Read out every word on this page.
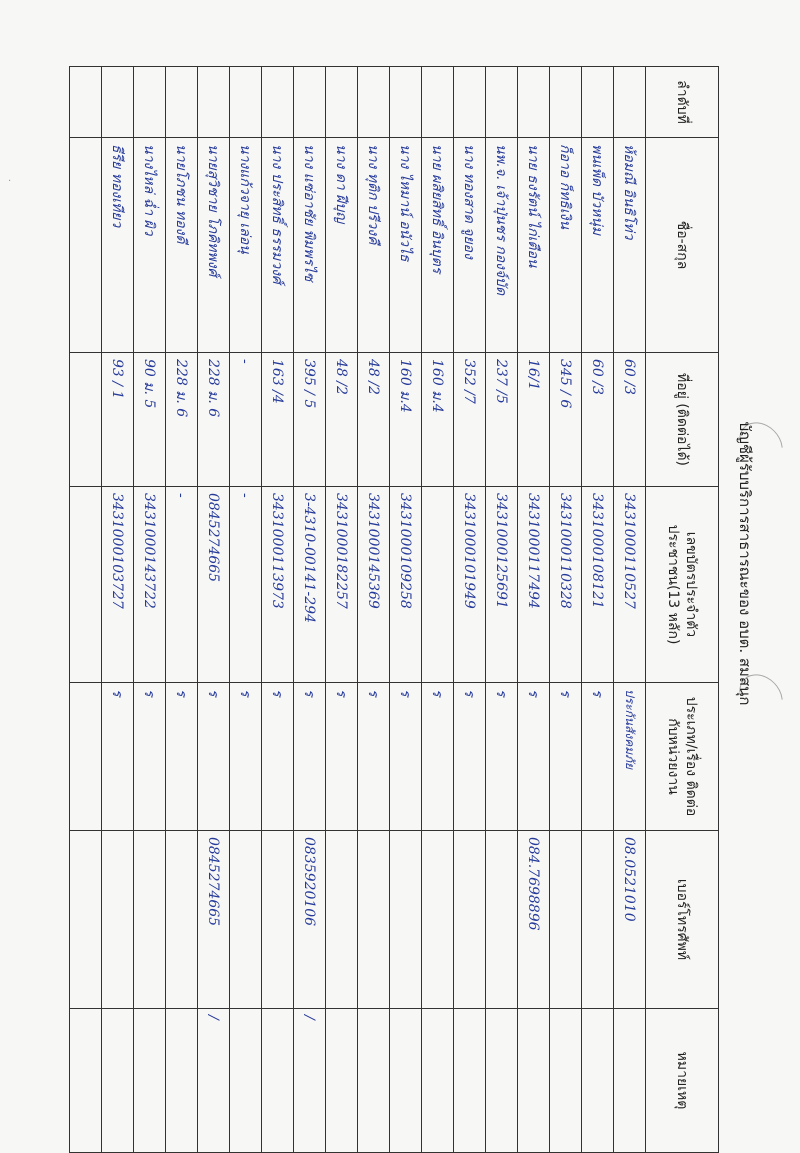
·
บัญชีผู้รับบริการสาธารณะของ อบต. สมสนุก
ลำดับที่	ชื่อ-สกุล	ที่อยู่ (ติดต่อได้)	เลขบัตรประจำตัวประชาชน(13 หลัก)	ประเภท/เรื่อง ติดต่อกับหน่วยงาน	เบอร์โทรศัพท์	หมายเหตุ
	ห้อมณี อินธิโท่ว	60 /3	3431000110527	ประกันสังคมภัย	08.0521010	
	พนเพ็ด บัวหนุ่ม	60 /3	3431000108121	ร		
	ก็อาอ ก็ทธิเงิน	345 / 6	3431000110328	ร		
	นาย ธงรัตน์ ไก่เตือน	16/1	3431000117494	ร	084.7698896	
	นพ.จ. เจ้าปุ่นชร กองจ์บัด	237 /5	3431000125691	ร		
	นาง ทองสาด จูยอง	352 /7	3431000101949	ร		
	นาย ผสิยสิทธิ์ อินบุตร	160 ม.4		ร		
	นาง ไหมาน์ อนัวไธ	160 ม.4	3431000109258	ร		
	นาง ทุติก ปรีวงคื	48 /2	3431000145369	ร		
	นาง ดา ฝีบุญ	48 /2	3431000182257	ร		
	นาง แซ่อาชัย พิมพรไซ	395 / 5	3-4310-00141-294	ร	0835920106	/
	นาง ประสิทธิ์ ธรรมวงศ์	163 /4	3431000113973	ร		
	นางแก้วจายุ เล่อนุ	-	-	ร		
	นายสุวิชาย โภคิทพงศ์	228 ม. 6	0845274665	ร	0845274665	/
	นายโภชน ทองดี	228 ม. 6	-	ร		
	นางไหล่ ฉ่ำ ผิว	90 ม. 5	3431000143722	ร		
	ธีรีย ทองเทียว	93 / 1	3431000103727	ร		
